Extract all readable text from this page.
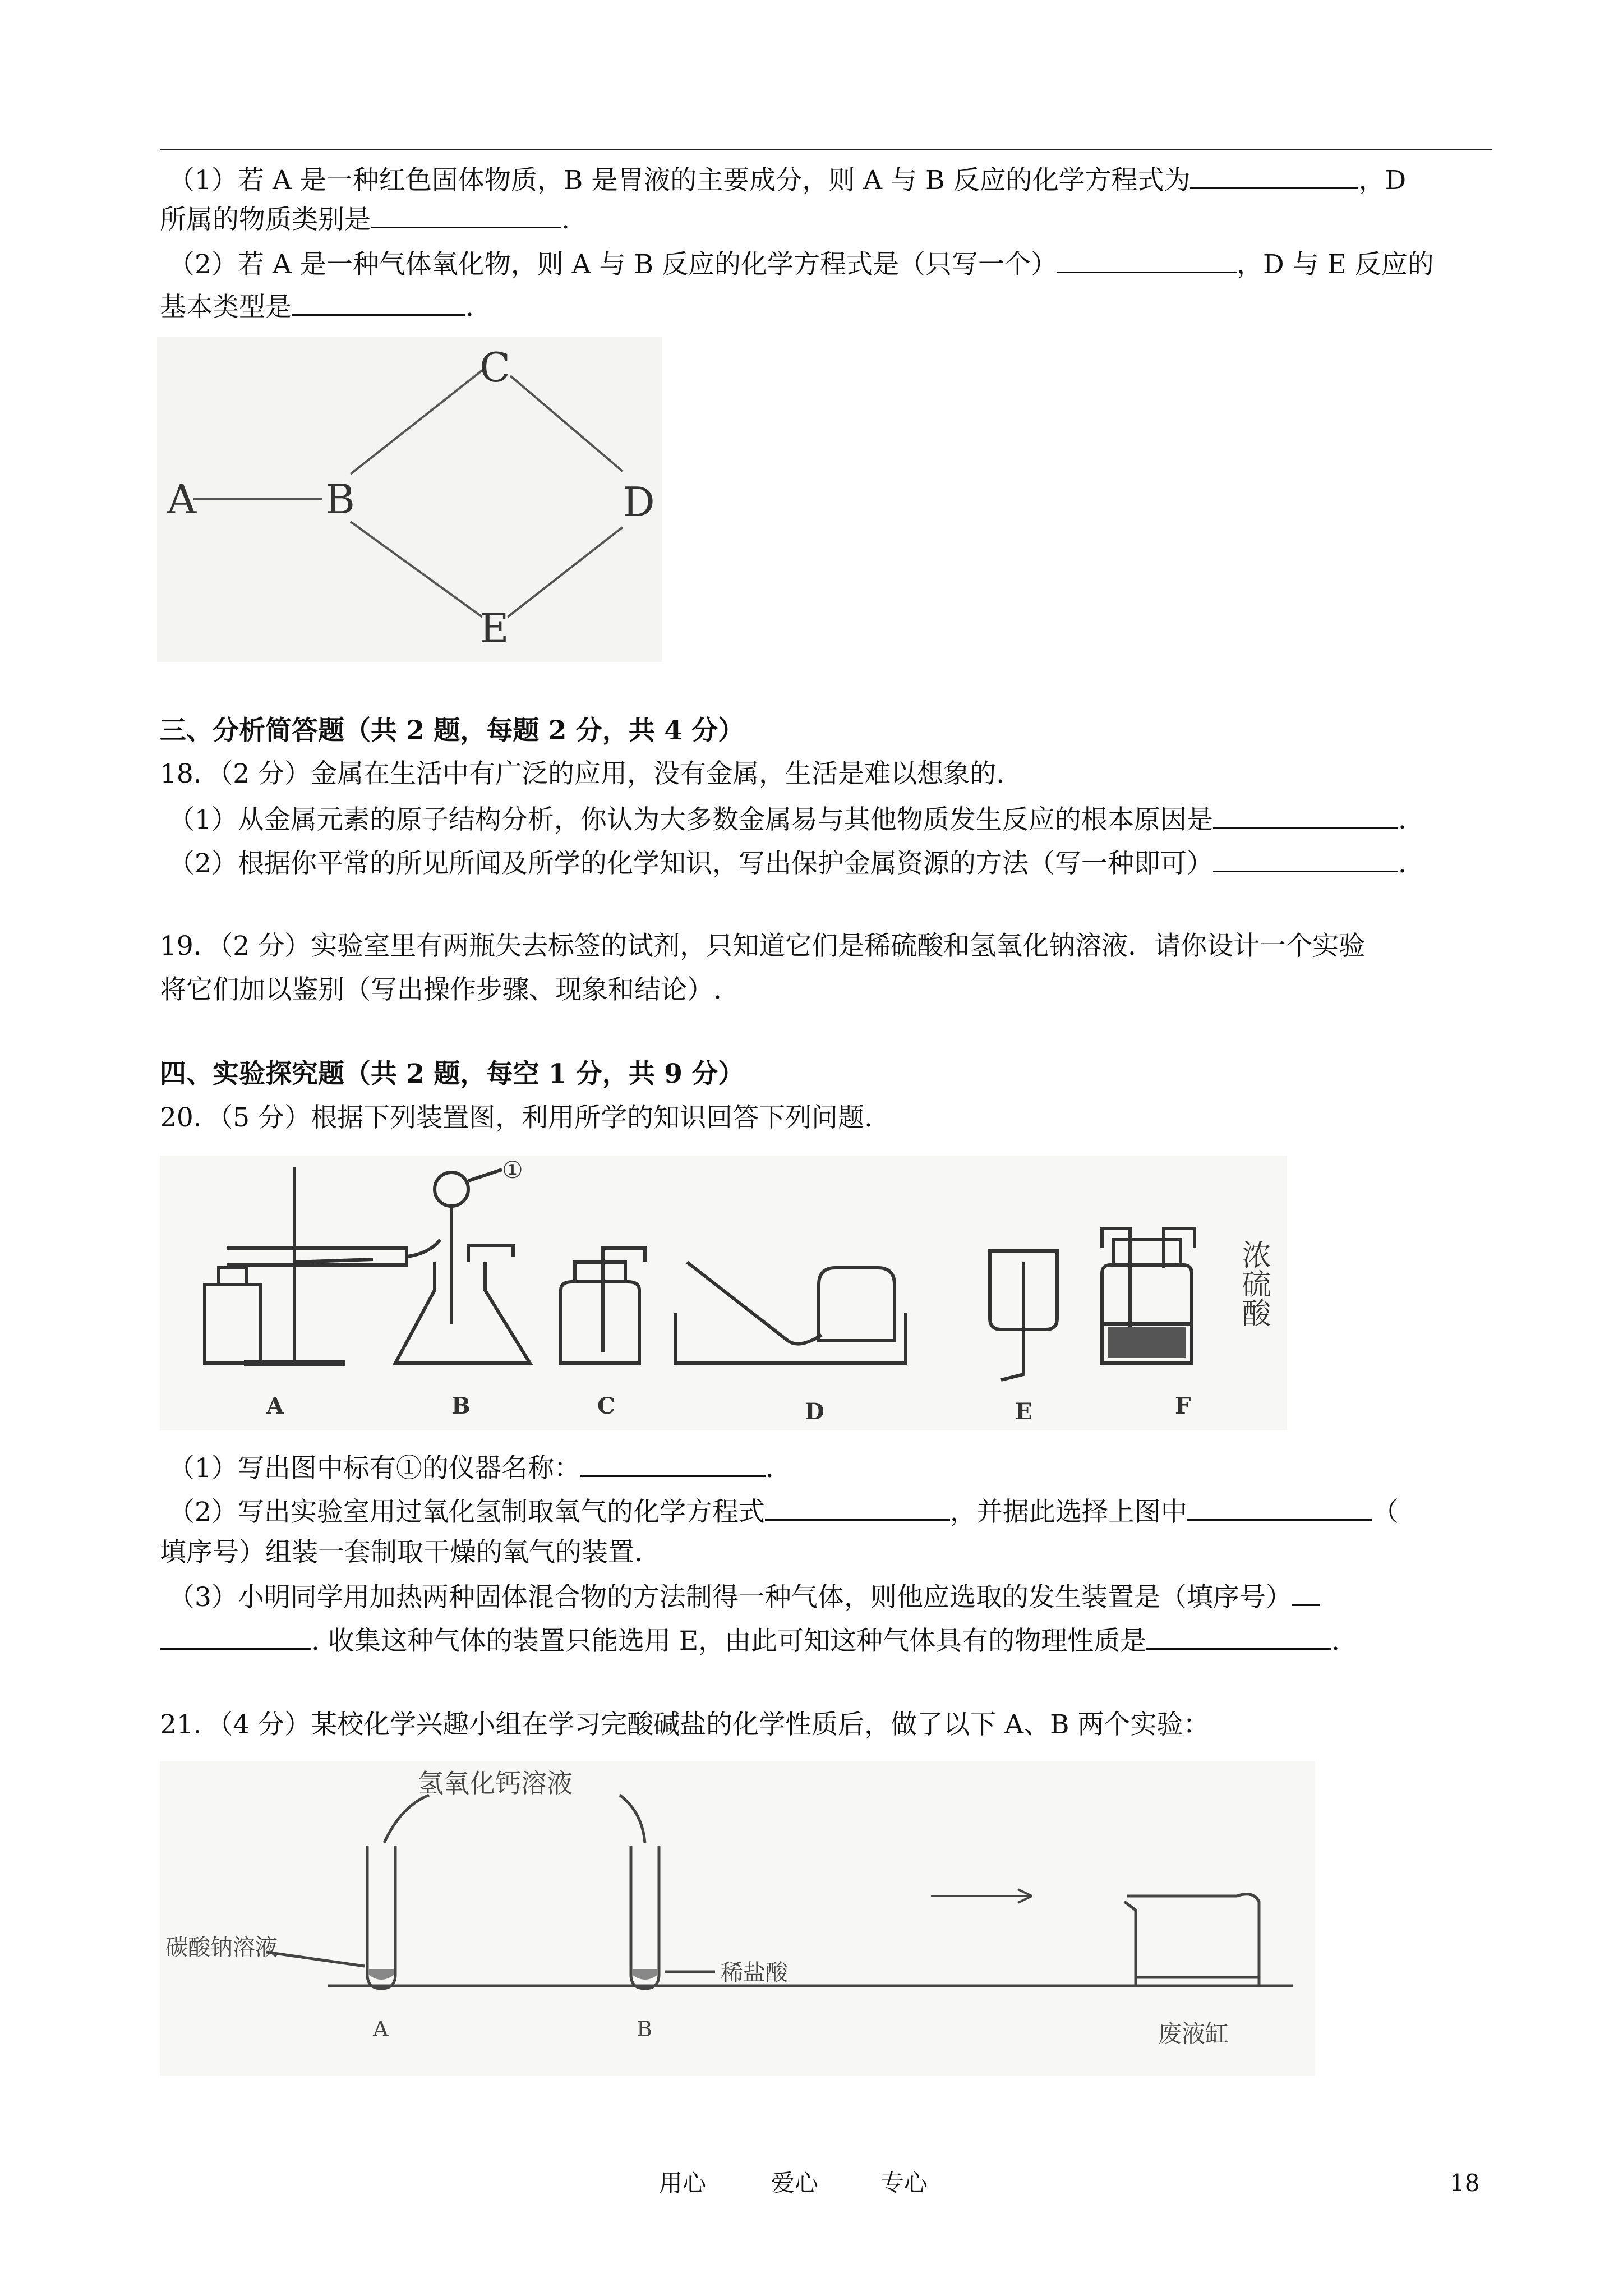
（1）若 A 是一种红色固体物质，B 是胃液的主要成分，则 A 与 B 反应的化学方程式为	，D
所属的物质类别是	.
（2）若 A 是一种气体氧化物，则 A 与 B 反应的化学方程式是（只写一个）	，D 与 E 反应的
基本类型是	.
A	B
C
D
E
三、分析简答题（共 2 题，每题 2 分，共 4 分）
18．（2 分）金属在生活中有广泛的应用，没有金属，生活是难以想象的.
（1）从金属元素的原子结构分析，你认为大多数金属易与其他物质发生反应的根本原因是	.
（2）根据你平常的所见所闻及所学的化学知识，写出保护金属资源的方法（写一种即可）	.
19．（2 分）实验室里有两瓶失去标签的试剂，只知道它们是稀硫酸和氢氧化钠溶液．请你设计一个实验
将它们加以鉴别（写出操作步骤、现象和结论）.
四、实验探究题（共 2 题，每空 1 分，共 9 分）
20．（5 分）根据下列装置图，利用所学的知识回答下列问题.
①
A	B	C	D	E	F
浓硫酸
（1）写出图中标有①的仪器名称：	.
（2）写出实验室用过氧化氢制取氧气的化学方程式	，并据此选择上图中	（
填序号）组装一套制取干燥的氧气的装置.
（3）小明同学用加热两种固体混合物的方法制得一种气体，则他应选取的发生装置是（填序号）
. 收集这种气体的装置只能选用 E，由此可知这种气体具有的物理性质是	.
21．（4 分）某校化学兴趣小组在学习完酸碱盐的化学性质后，做了以下 A、B 两个实验：
氢氧化钙溶液
碳酸钠溶液
稀盐酸
A	B	废液缸
用心	爱心	专心	18
